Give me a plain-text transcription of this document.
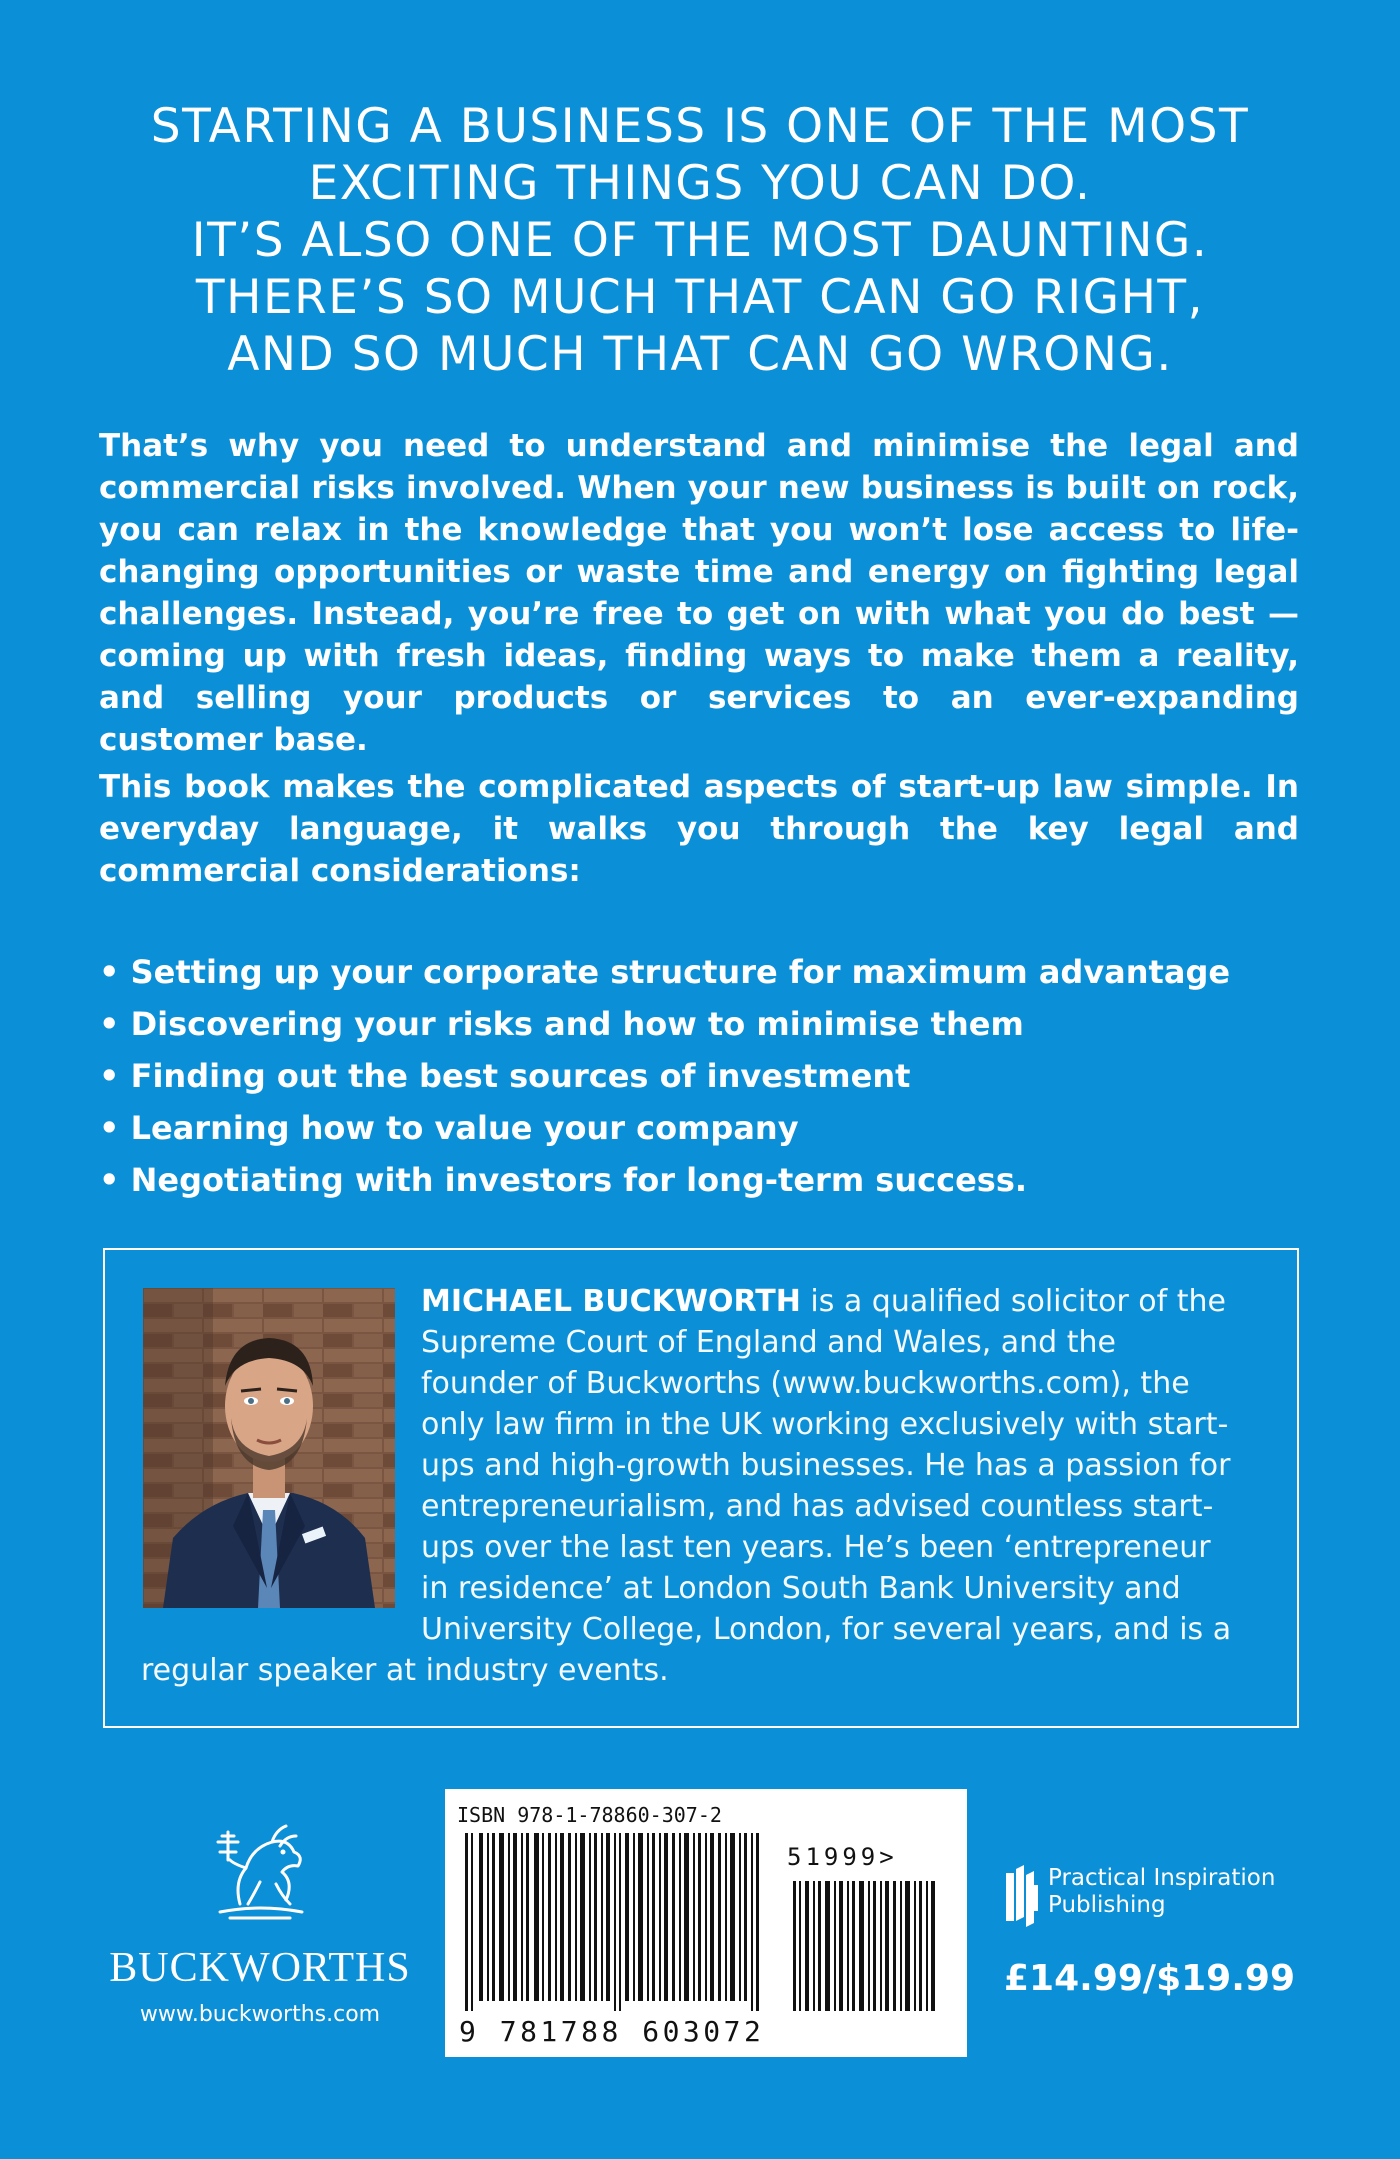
STARTING A BUSINESS IS ONE OF THE MOST
EXCITING THINGS YOU CAN DO.
IT’S ALSO ONE OF THE MOST DAUNTING.
THERE’S SO MUCH THAT CAN GO RIGHT,
AND SO MUCH THAT CAN GO WRONG.

That’s why you need to understand and minimise the legal and commercial risks involved. When your new business is built on rock, you can relax in the knowledge that you won’t lose access to life-changing opportunities or waste time and energy on fighting legal challenges. Instead, you’re free to get on with what you do best — coming up with fresh ideas, finding ways to make them a reality, and selling your products or services to an ever-expanding customer base.

This book makes the complicated aspects of start-up law simple. In everyday language, it walks you through the key legal and commercial considerations:

• Setting up your corporate structure for maximum advantage
• Discovering your risks and how to minimise them
• Finding out the best sources of investment
• Learning how to value your company
• Negotiating with investors for long-term success.

MICHAEL BUCKWORTH is a qualified solicitor of the Supreme Court of England and Wales, and the founder of Buckworths (www.buckworths.com), the only law firm in the UK working exclusively with start-ups and high-growth businesses. He has a passion for entrepreneurialism, and has advised countless start-ups over the last ten years. He’s been ‘entrepreneur in residence’ at London South Bank University and University College, London, for several years, and is a regular speaker at industry events.

BUCKWORTHS
www.buckworths.com
ISBN 978-1-78860-307-2
51999>
9 781788 603072
Practical Inspiration
Publishing
£14.99/$19.99
